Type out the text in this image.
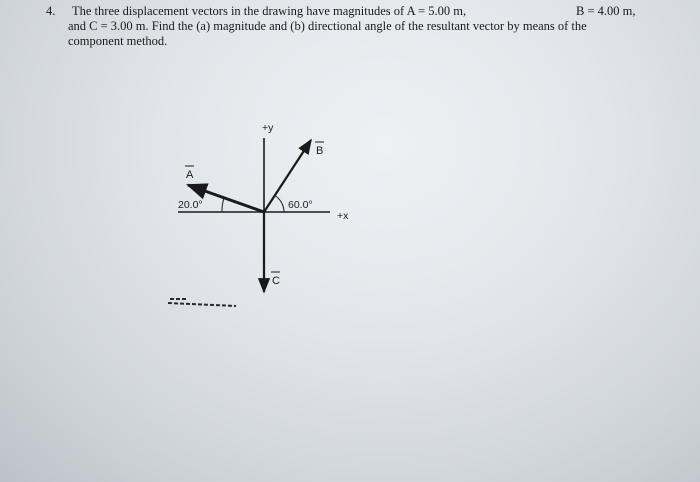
4. The three displacement vectors in the drawing have magnitudes of A = 5.00 m,	B = 4.00 m,
and C = 3.00 m. Find the (a) magnitude and (b) directional angle of the resultant vector by means of the
component method.
+y
+x
A
B
C
20.0°	60.0°
